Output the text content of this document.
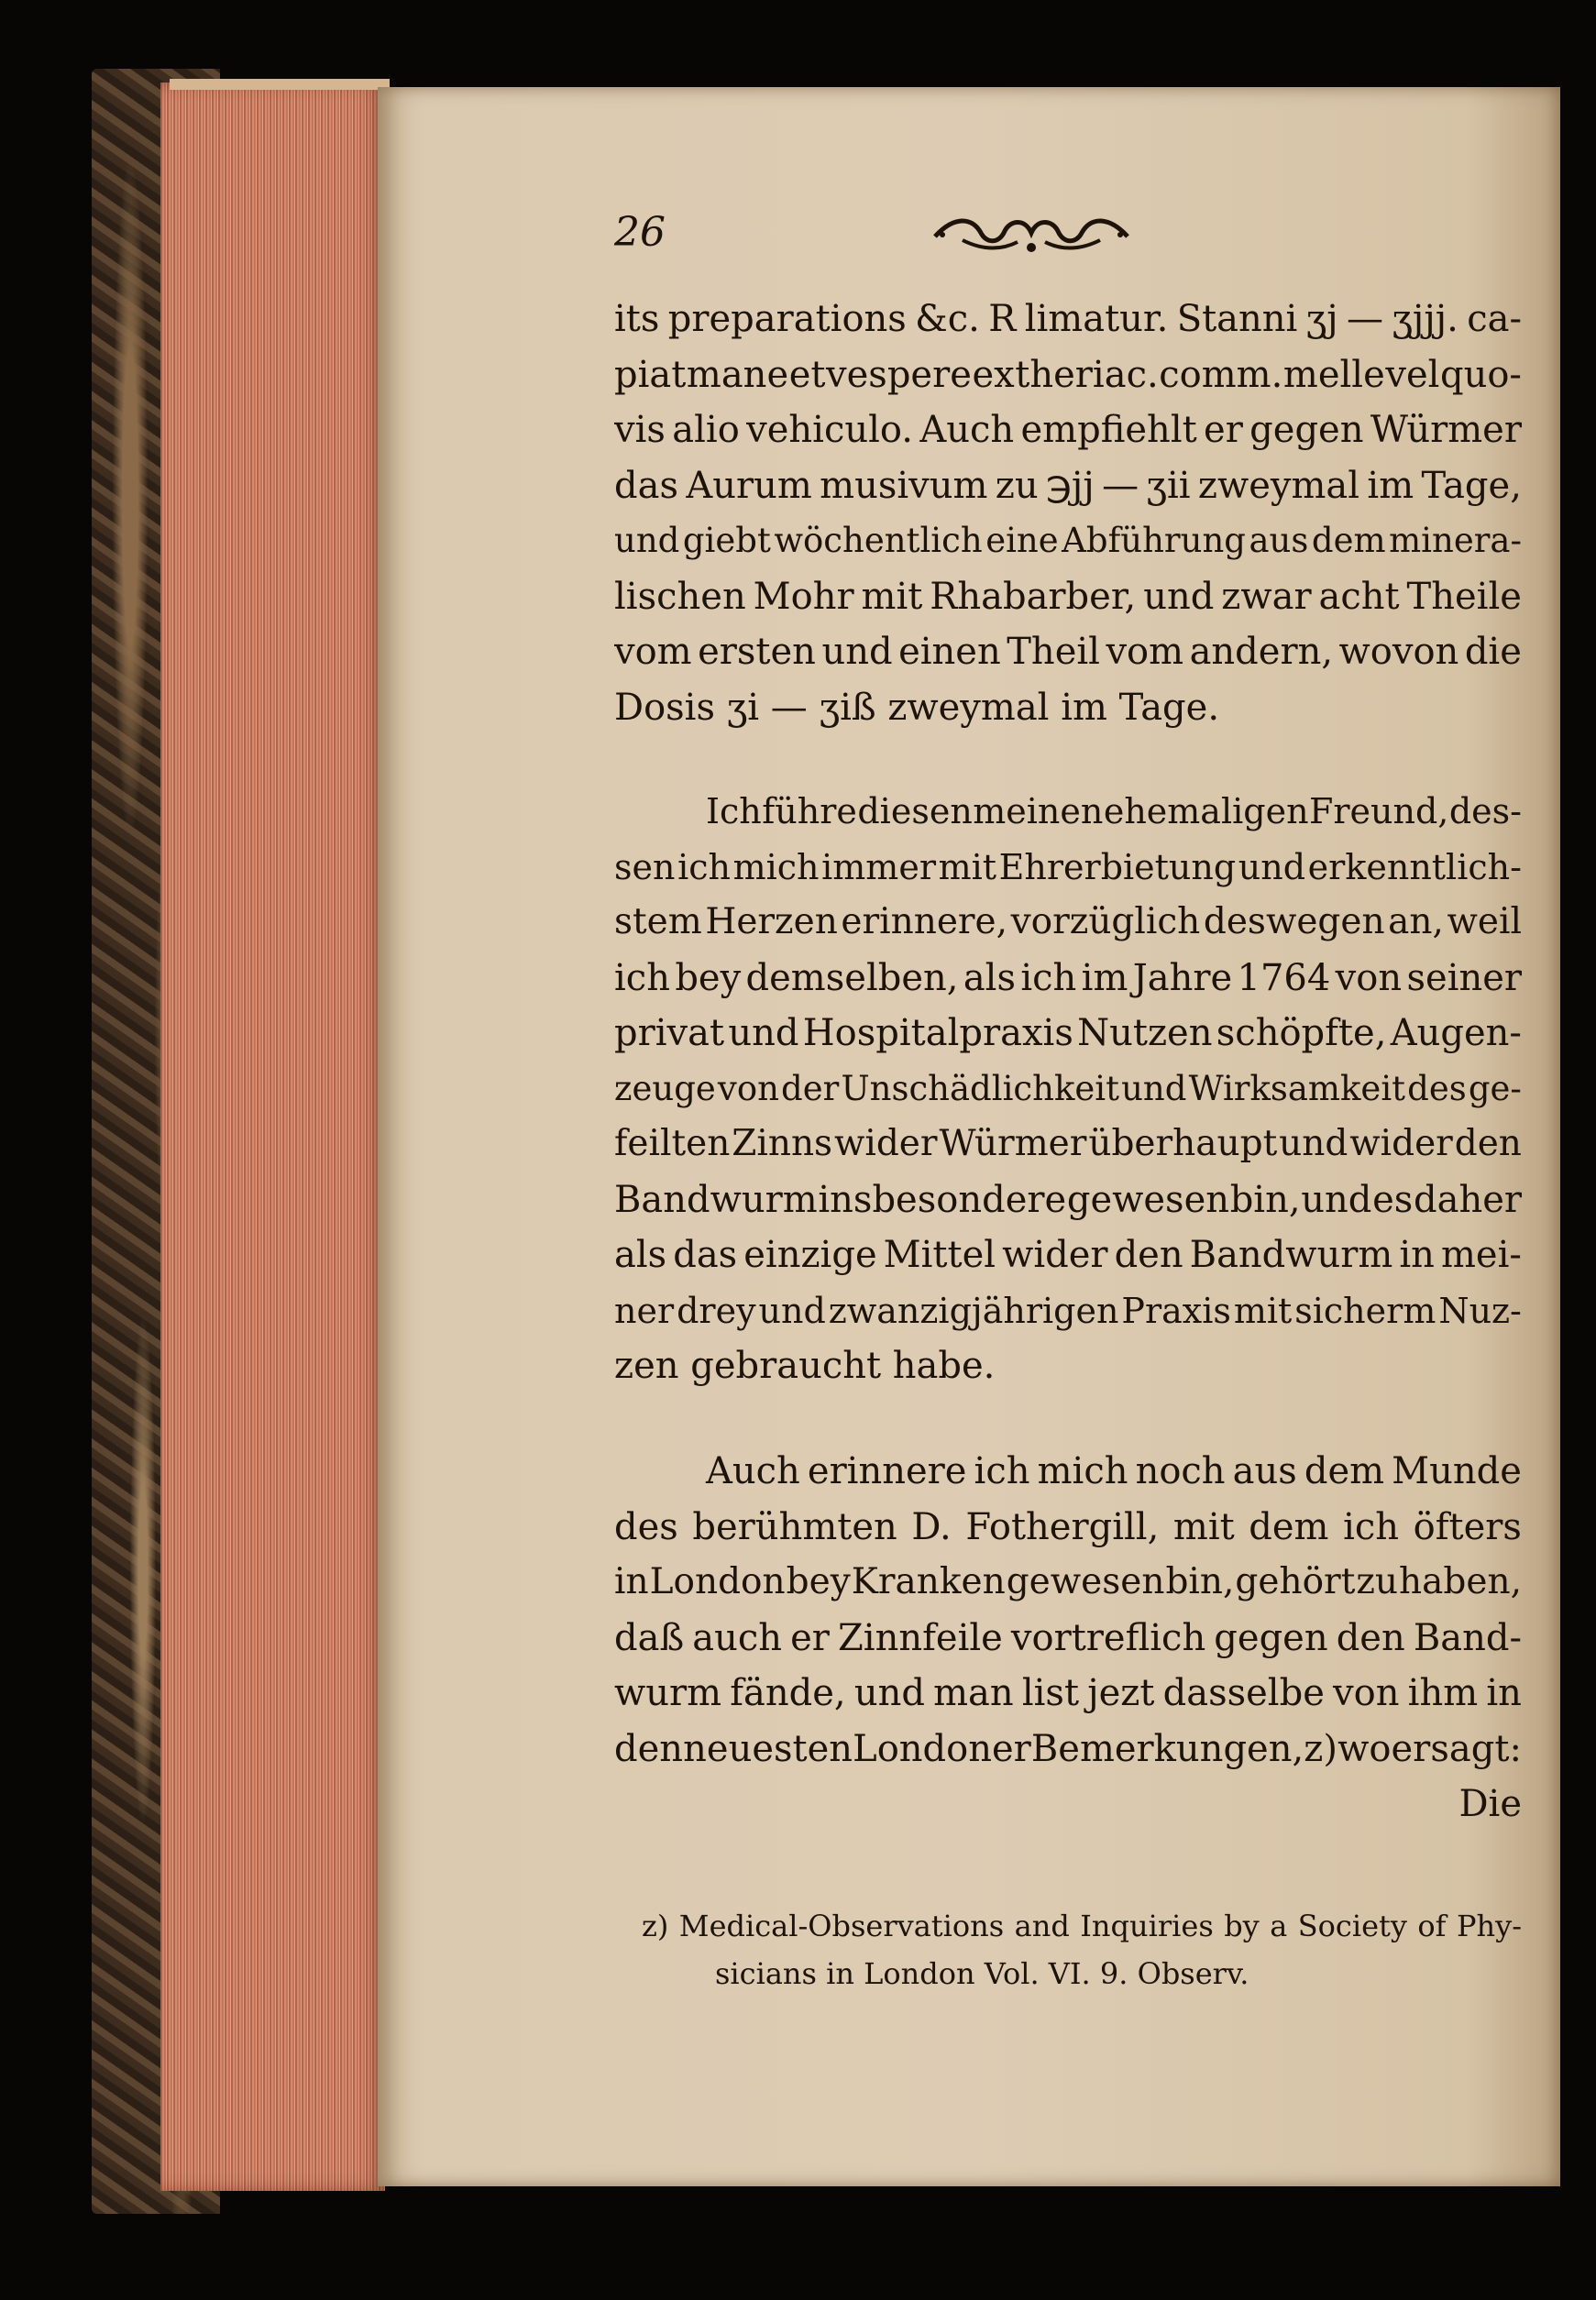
26
its preparations &c. R limatur. Stanni ʒj — ʒjjj. ca-
piat mane et vespere ex theriac. comm. melle vel quo-
vis alio vehiculo. Auch empfiehlt er gegen Würmer
das Aurum musivum zu ℈jj — ʒii zweymal im Tage,
und giebt wöchentlich eine Abführung aus dem minera-
lischen Mohr mit Rhabarber, und zwar acht Theile
vom ersten und einen Theil vom andern, wovon die
Dosis ʒi — ʒiß zweymal im Tage.
Ich führe diesen meinen ehemaligen Freund, des-
sen ich mich immer mit Ehrerbietung und erkenntlich-
stem Herzen erinnere, vorzüglich deswegen an, weil
ich bey demselben, als ich im Jahre 1764 von seiner
privat und Hospitalpraxis Nutzen schöpfte, Augen-
zeuge von der Unschädlichkeit und Wirksamkeit des ge-
feilten Zinns wider Würmer überhaupt und wider den
Bandwurm insbesondere gewesen bin, und es daher
als das einzige Mittel wider den Bandwurm in mei-
ner drey und zwanzigjährigen Praxis mit sicherm Nuz-
zen gebraucht habe.
Auch erinnere ich mich noch aus dem Munde
des berühmten D. Fothergill, mit dem ich öfters
in London bey Kranken gewesen bin, gehört zu haben,
daß auch er Zinnfeile vortreflich gegen den Band-
wurm fände, und man list jezt dasselbe von ihm in
den neuesten Londoner Bemerkungen, z) wo er sagt:
Die
z) Medical-Observations and Inquiries by a Society of Phy-
sicians in London Vol. VI. 9. Observ.
